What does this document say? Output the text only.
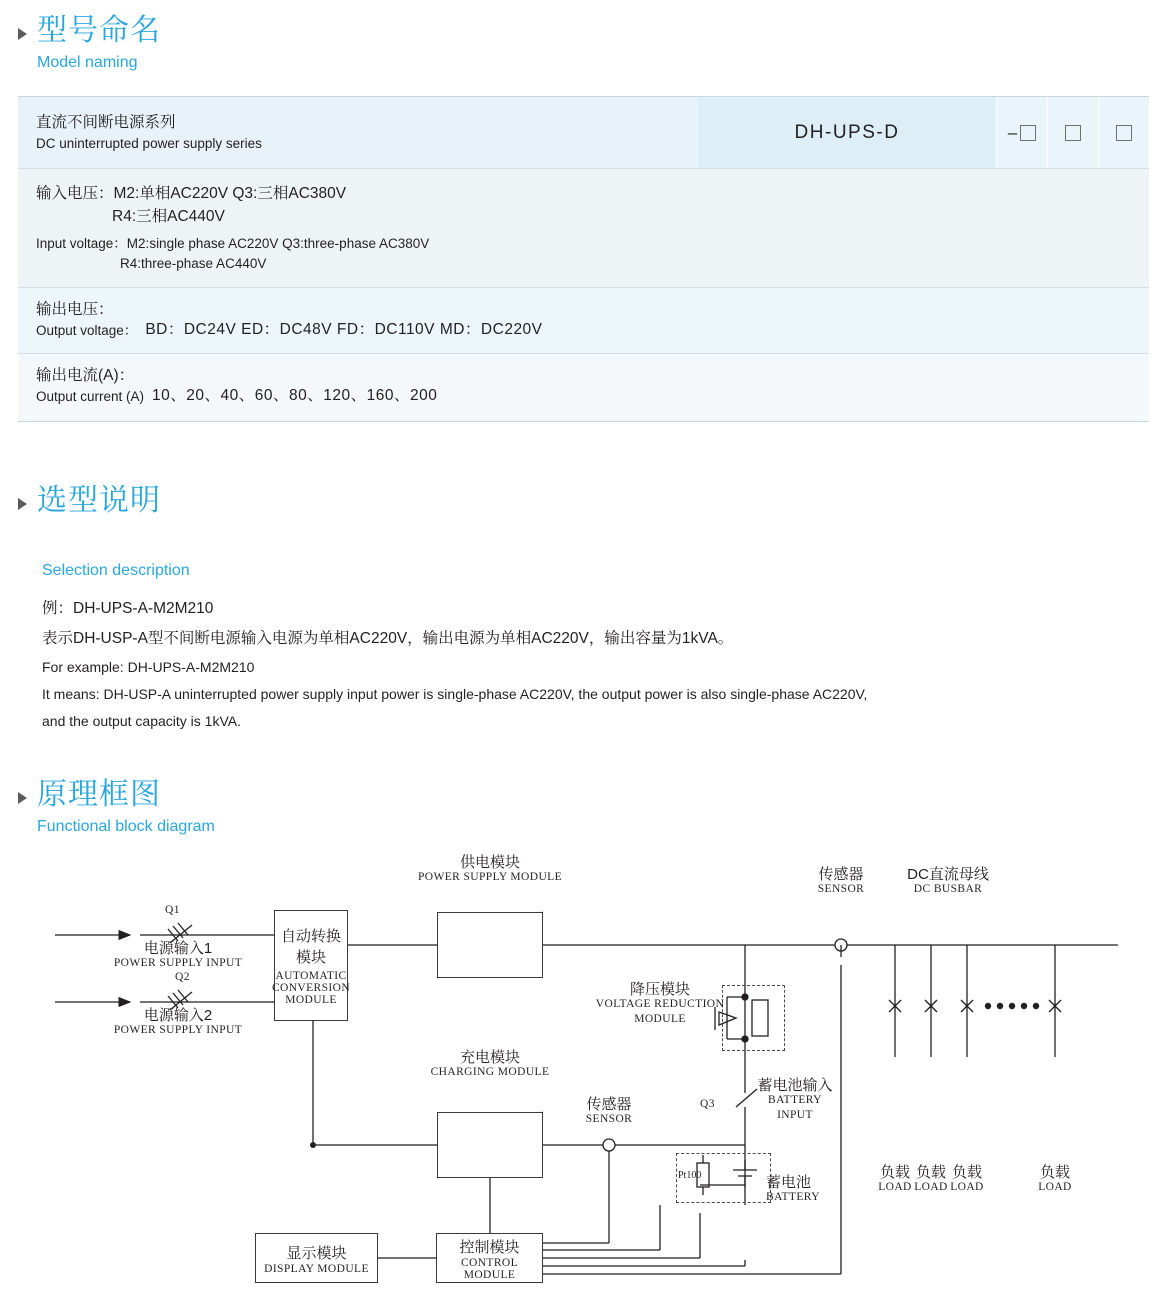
型号命名
Model naming
直流不间断电源系列
DC uninterrupted power supply series
DH-UPS-D	–
输入电压：M2:单相AC220V Q3:三相AC380V
R4:三相AC440V
Input voltage：M2:single phase AC220V Q3:three-phase AC380V
R4:three-phase AC440V
输出电压：
Output voltage： BD：DC24V ED：DC48V FD：DC110V MD：DC220V
输出电流(A)：
Output current (A) 10、20、40、60、80、120、160、200
选型说明
Selection description
例：DH-UPS-A-M2M210
表示DH-USP-A型不间断电源输入电源为单相AC220V，输出电源为单相AC220V，输出容量为1kVA。
For example: DH-UPS-A-M2M210
It means: DH-USP-A uninterrupted power supply input power is single-phase AC220V, the output power is also single-phase AC220V,
and the output capacity is 1kVA.
原理框图
Functional block diagram
自动转换
模块
AUTOMATIC
CONVERSION
MODULE
显示模块
DISPLAY MODULE
控制模块
CONTROL MODULE
电源输入1
POWER SUPPLY INPUT
电源输入2
POWER SUPPLY INPUT
Q1
Q2
Q3
供电模块
POWER SUPPLY MODULE
充电模块
CHARGING MODULE
降压模块
VOLTAGE REDUCTION
MODULE
传感器
SENSOR
传感器
SENSOR
DC直流母线
DC BUSBAR
蓄电池输入
BATTERY
INPUT
蓄电池
BATTERY
Pt100	负载
LOAD
负载
LOAD
负载
LOAD
负载
LOAD
